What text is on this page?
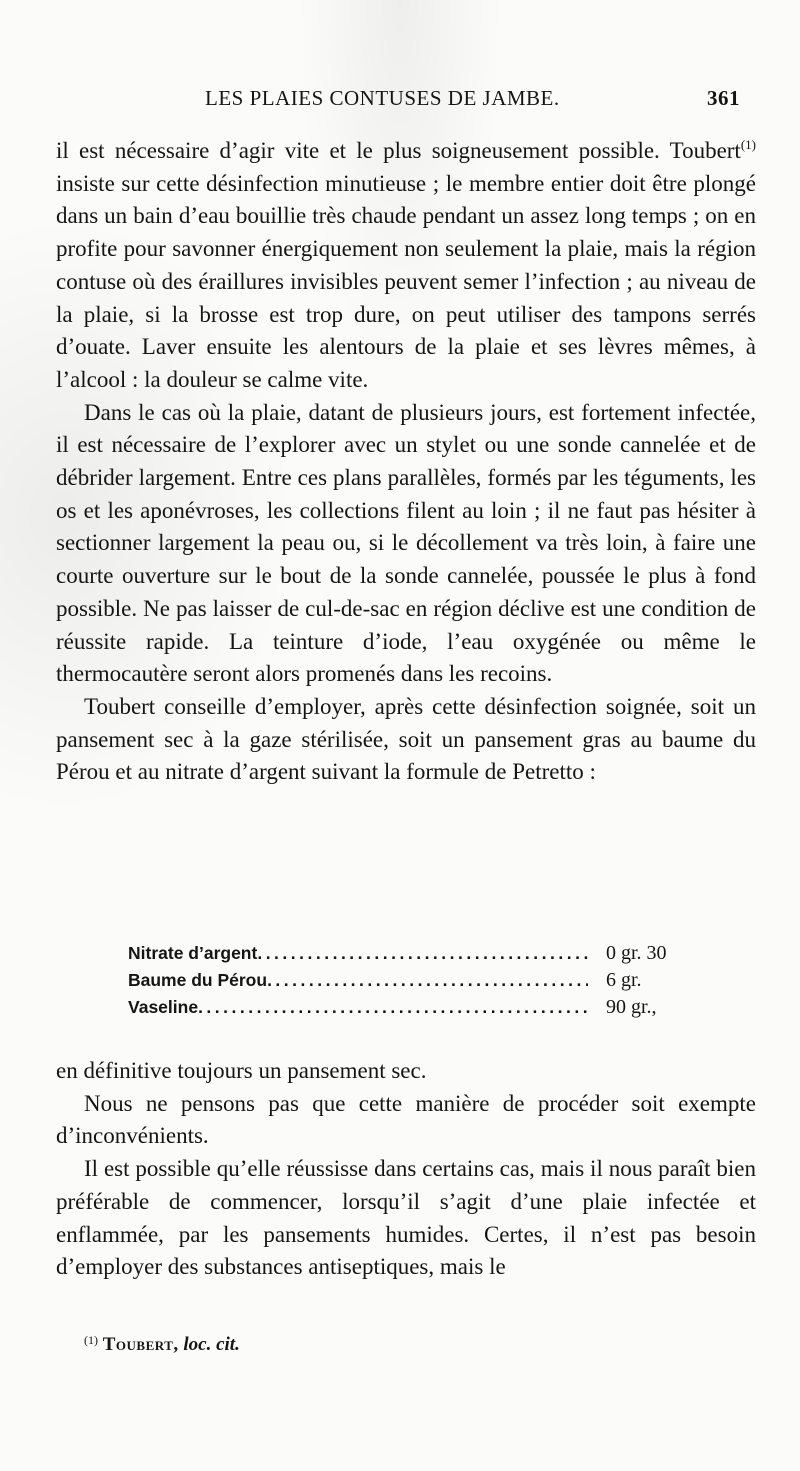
LES PLAIES CONTUSES DE JAMBE.	361

il est nécessaire d’agir vite et le plus soigneusement possible. Toubert$^{(1)}$ insiste sur cette désinfection minutieuse ; le membre entier doit être plongé dans un bain d’eau bouillie très chaude pendant un assez long temps ; on en profite pour savonner énergiquement non seulement la plaie, mais la région contuse où des éraillures invisibles peuvent semer l’infection ; au niveau de la plaie, si la brosse est trop dure, on peut utiliser des tampons serrés d’ouate. Laver ensuite les alentours de la plaie et ses lèvres mêmes, à l’alcool : la douleur se calme vite.

Dans le cas où la plaie, datant de plusieurs jours, est fortement infectée, il est nécessaire de l’explorer avec un stylet ou une sonde cannelée et de débrider largement. Entre ces plans parallèles, formés par les téguments, les os et les aponévroses, les collections filent au loin ; il ne faut pas hésiter à sectionner largement la peau ou, si le décollement va très loin, à faire une courte ouverture sur le bout de la sonde cannelée, poussée le plus à fond possible. Ne pas laisser de cul-de-sac en région déclive est une condition de réussite rapide. La teinture d’iode, l’eau oxygénée ou même le thermocautère seront alors promenés dans les recoins.

Toubert conseille d’employer, après cette désinfection soignée, soit un pansement sec à la gaze stérilisée, soit un pansement gras au baume du Pérou et au nitrate d’argent suivant la formule de Petretto :

Nitrate d’argent .....	0 gr. 30
Baume du Pérou .....	6 gr.
Vaseline .....	90 gr.,

en définitive toujours un pansement sec.

Nous ne pensons pas que cette manière de procéder soit exempte d’inconvénients.

Il est possible qu’elle réussisse dans certains cas, mais il nous paraît bien préférable de commencer, lorsqu’il s’agit d’une plaie infectée et enflammée, par les pansements humides. Certes, il n’est pas besoin d’employer des substances antiseptiques, mais le

$^{(1)}$ Toubert, loc. cit.
